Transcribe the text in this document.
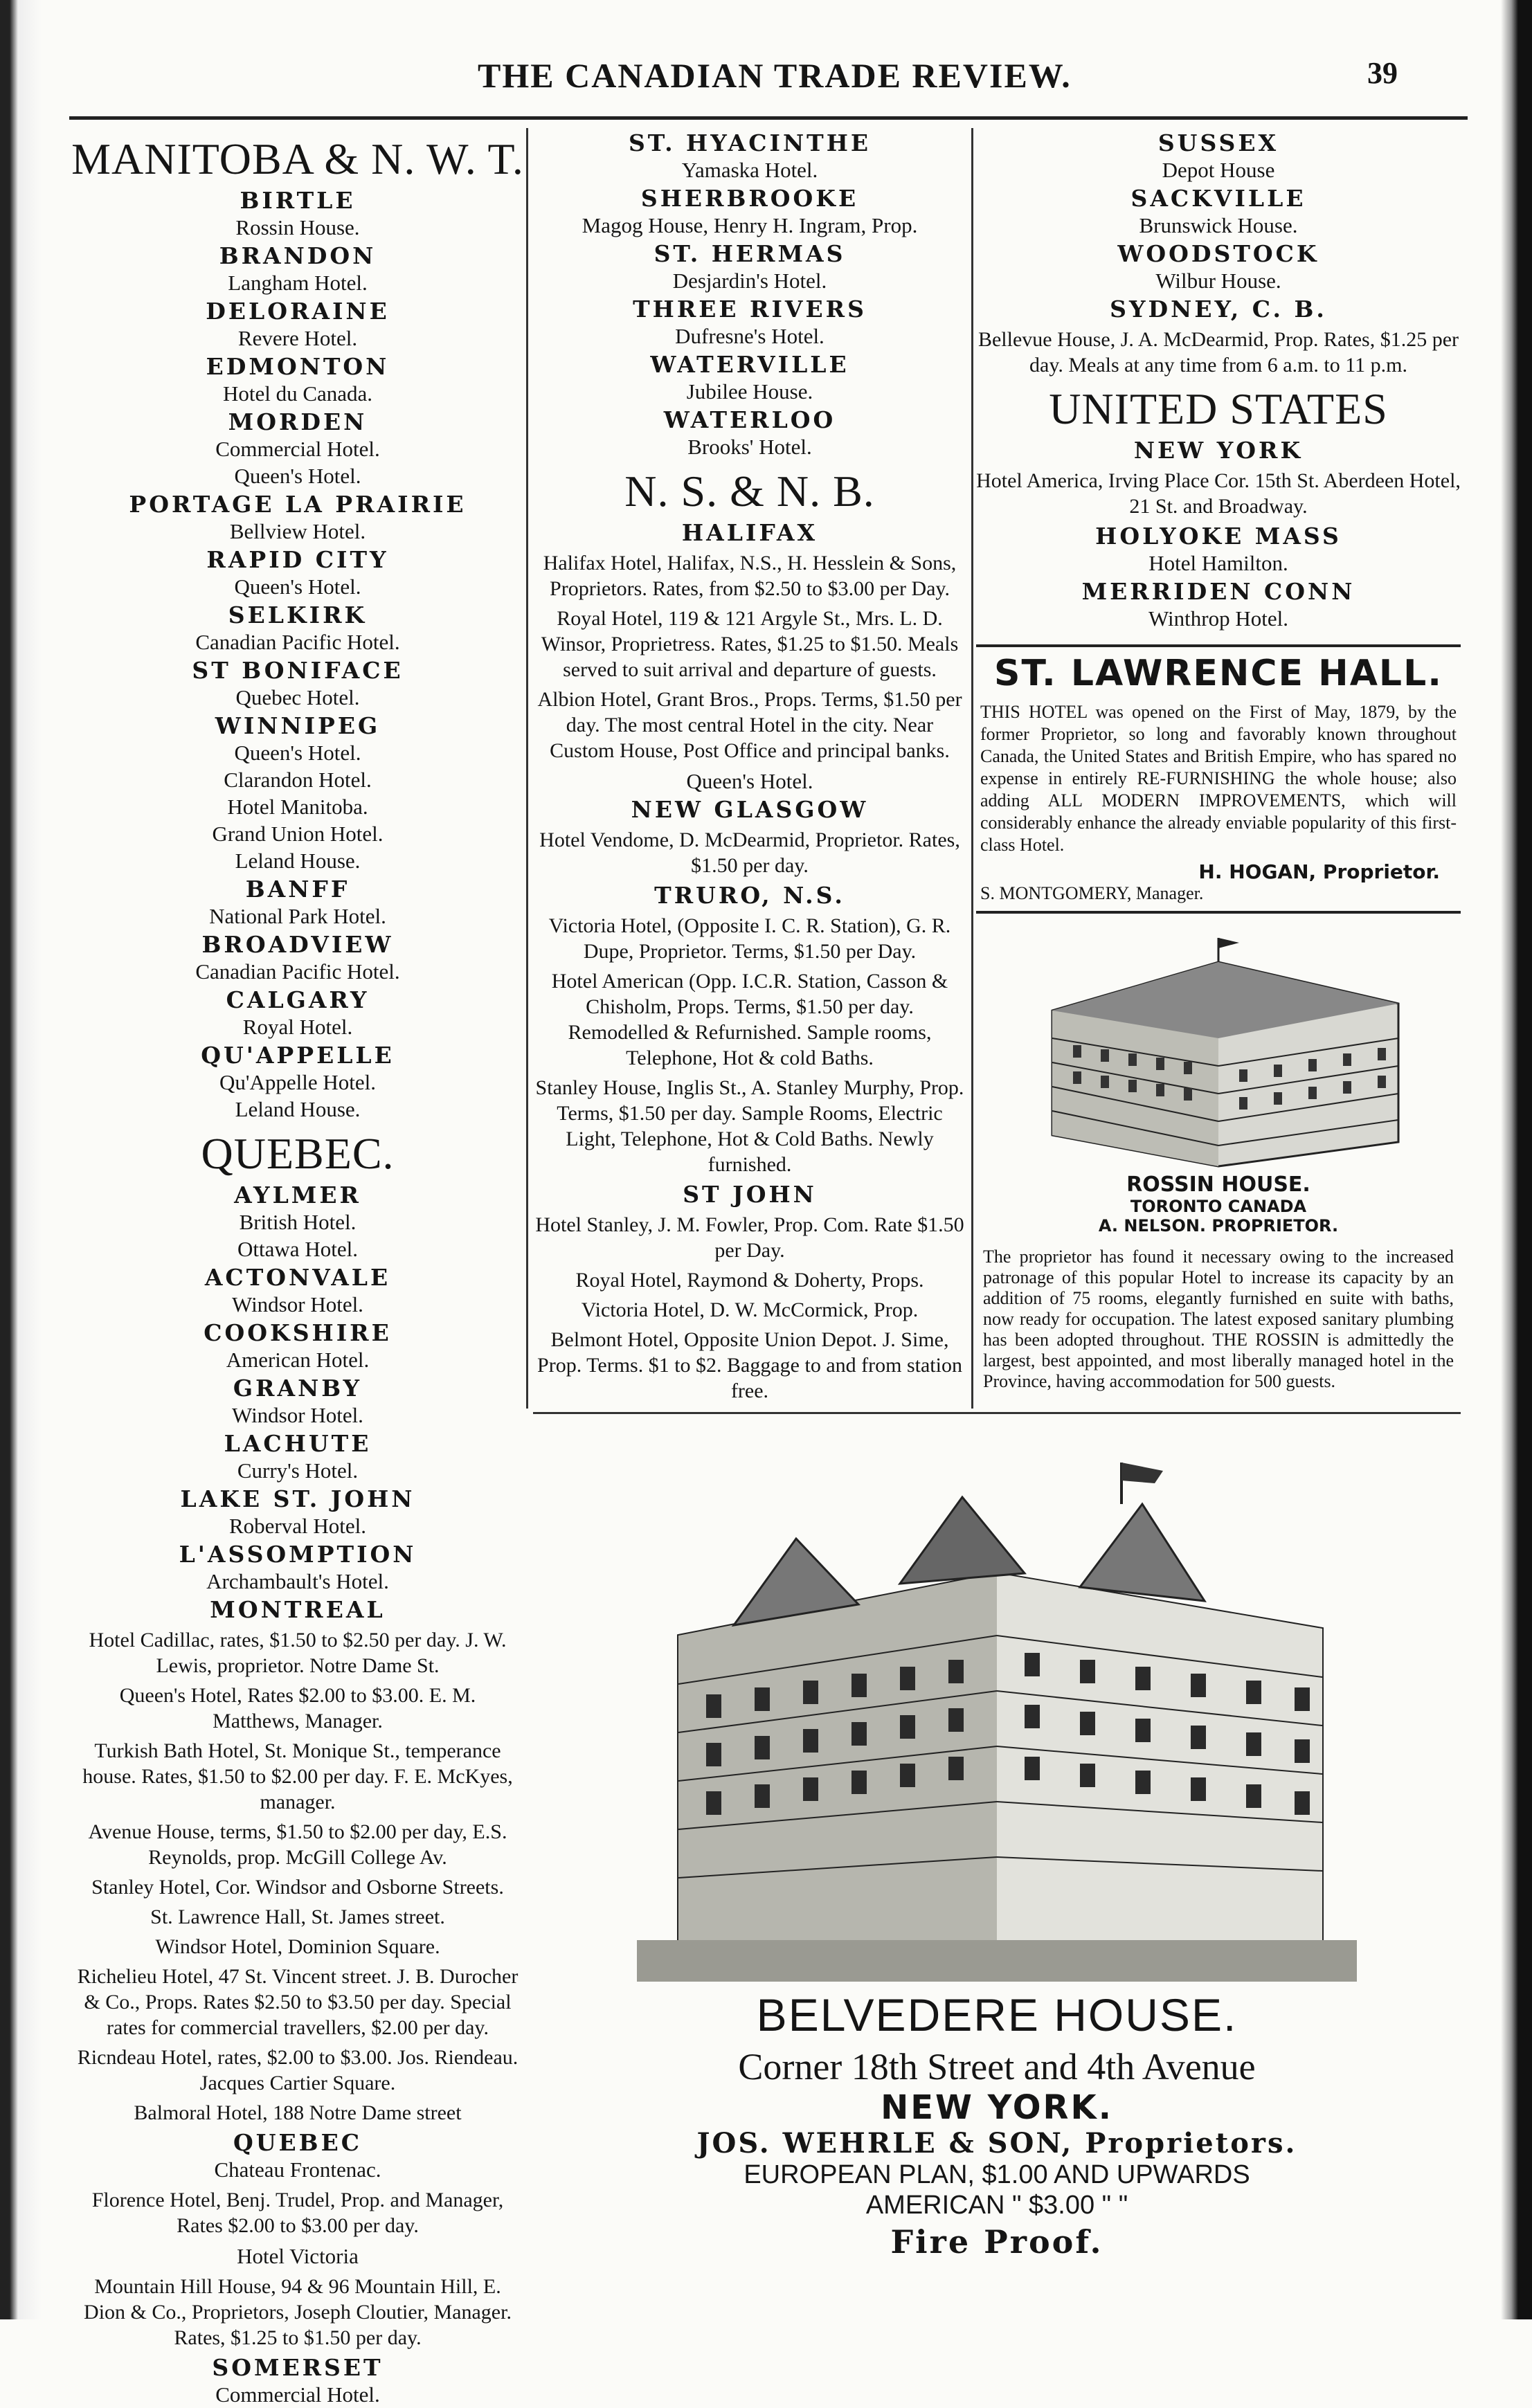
THE CANADIAN TRADE REVIEW.	39
MANITOBA & N. W. T.
BIRTLE
Rossin House.
BRANDON
Langham Hotel.
DELORAINE
Revere Hotel.
EDMONTON
Hotel du Canada.
MORDEN
Commercial Hotel.
Queen's Hotel.
PORTAGE LA PRAIRIE
Bellview Hotel.
RAPID CITY
Queen's Hotel.
SELKIRK
Canadian Pacific Hotel.
ST BONIFACE
Quebec Hotel.
WINNIPEG
Queen's Hotel.
Clarandon Hotel.
Hotel Manitoba.
Grand Union Hotel.
Leland House.
BANFF
National Park Hotel.
BROADVIEW
Canadian Pacific Hotel.
CALGARY
Royal Hotel.
QU'APPELLE
Qu'Appelle Hotel.
Leland House.
QUEBEC.
AYLMER
British Hotel.
Ottawa Hotel.
ACTONVALE
Windsor Hotel.
COOKSHIRE
American Hotel.
GRANBY
Windsor Hotel.
LACHUTE
Curry's Hotel.
LAKE ST. JOHN
Roberval Hotel.
L'ASSOMPTION
Archambault's Hotel.
MONTREAL
Hotel Cadillac, rates, $1.50 to $2.50 per day. J. W. Lewis, proprietor. Notre Dame St.
Queen's Hotel, Rates $2.00 to $3.00. E. M. Matthews, Manager.
Turkish Bath Hotel, St. Monique St., temperance house. Rates, $1.50 to $2.00 per day. F. E. McKyes, manager.
Avenue House, terms, $1.50 to $2.00 per day, E.S. Reynolds, prop. McGill College Av.
Stanley Hotel, Cor. Windsor and Osborne Streets.
St. Lawrence Hall, St. James street.
Windsor Hotel, Dominion Square.
Richelieu Hotel, 47 St. Vincent street. J. B. Durocher & Co., Props. Rates $2.50 to $3.50 per day. Special rates for commercial travellers, $2.00 per day.
Ricndeau Hotel, rates, $2.00 to $3.00. Jos. Riendeau. Jacques Cartier Square.
Balmoral Hotel, 188 Notre Dame street
QUEBEC
Chateau Frontenac.
Florence Hotel, Benj. Trudel, Prop. and Manager, Rates $2.00 to $3.00 per day.
Hotel Victoria
Mountain Hill House, 94 & 96 Mountain Hill, E. Dion & Co., Proprietors, Joseph Cloutier, Manager. Rates, $1.25 to $1.50 per day.
SOMERSET
Commercial Hotel.
ST. HYACINTHE
Yamaska Hotel.
SHERBROOKE
Magog House, Henry H. Ingram, Prop.
ST. HERMAS
Desjardin's Hotel.
THREE RIVERS
Dufresne's Hotel.
WATERVILLE
Jubilee House.
WATERLOO
Brooks' Hotel.
N. S. & N. B.
HALIFAX
Halifax Hotel, Halifax, N.S., H. Hesslein & Sons, Proprietors. Rates, from $2.50 to $3.00 per Day.
Royal Hotel, 119 & 121 Argyle St., Mrs. L. D. Winsor, Proprietress. Rates, $1.25 to $1.50. Meals served to suit arrival and departure of guests.
Albion Hotel, Grant Bros., Props. Terms, $1.50 per day. The most central Hotel in the city. Near Custom House, Post Office and principal banks.
Queen's Hotel.
NEW GLASGOW
Hotel Vendome, D. McDearmid, Proprietor. Rates, $1.50 per day.
TRURO, N.S.
Victoria Hotel, (Opposite I. C. R. Station), G. R. Dupe, Proprietor. Terms, $1.50 per Day.
Hotel American (Opp. I.C.R. Station, Casson & Chisholm, Props. Terms, $1.50 per day. Remodelled & Refurnished. Sample rooms, Telephone, Hot & cold Baths.
Stanley House, Inglis St., A. Stanley Murphy, Prop. Terms, $1.50 per day. Sample Rooms, Electric Light, Telephone, Hot & Cold Baths. Newly furnished.
ST JOHN
Hotel Stanley, J. M. Fowler, Prop. Com. Rate $1.50 per Day.
Royal Hotel, Raymond & Doherty, Props.
Victoria Hotel, D. W. McCormick, Prop.
Belmont Hotel, Opposite Union Depot. J. Sime, Prop. Terms. $1 to $2. Baggage to and from station free.
SUSSEX
Depot House
SACKVILLE
Brunswick House.
WOODSTOCK
Wilbur House.
SYDNEY, C. B.
Bellevue House, J. A. McDearmid, Prop. Rates, $1.25 per day. Meals at any time from 6 a.m. to 11 p.m.
UNITED STATES
NEW YORK
Hotel America, Irving Place Cor. 15th St. Aberdeen Hotel, 21 St. and Broadway.
HOLYOKE MASS
Hotel Hamilton.
MERRIDEN CONN
Winthrop Hotel.
ST. LAWRENCE HALL.
THIS HOTEL was opened on the First of May, 1879, by the former Proprietor, so long and favorably known throughout Canada, the United States and British Empire, who has spared no expense in entirely RE-FURNISHING the whole house; also adding ALL MODERN IMPROVEMENTS, which will considerably enhance the already enviable popularity of this first-class Hotel.
H. HOGAN, Proprietor.
S. MONTGOMERY, Manager.
ROSSIN HOUSE.
TORONTO CANADA
A. NELSON. PROPRIETOR.
The proprietor has found it necessary owing to the increased patronage of this popular Hotel to increase its capacity by an addition of 75 rooms, elegantly furnished en suite with baths, now ready for occupation. The latest exposed sanitary plumbing has been adopted throughout. THE ROSSIN is admittedly the largest, best appointed, and most liberally managed hotel in the Province, having accommodation for 500 guests.
BELVEDERE HOUSE.
Corner 18th Street and 4th Avenue
NEW YORK.
JOS. WEHRLE & SON, Proprietors.
EUROPEAN PLAN, $1.00 AND UPWARDS
AMERICAN " $3.00 " "
Fire Proof.
